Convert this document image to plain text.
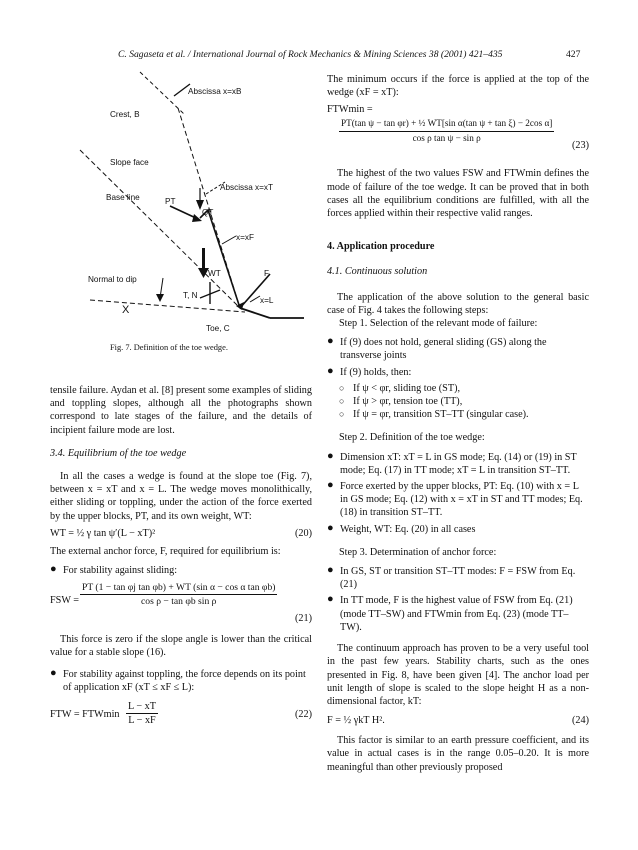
C. Sagaseta et al. / International Journal of Rock Mechanics & Mining Sciences 38 (2001) 421–435	427
Abscissa x=xB
Crest, B
Slope face
Abscissa x=xT
Base line	PT
QT
x=xF
WT	F
Normal to dip
T, N
x=L
X
Toe, C
Fig. 7. Definition of the toe wedge.

tensile failure. Aydan et al. [8] present some examples of sliding and toppling slopes, although all the photographs shown correspond to late stages of the failure, and the details of incipient failure mode are lost.

3.4. Equilibrium of the toe wedge

In all the cases a wedge is found at the slope toe (Fig. 7), between x = xT and x = L. The wedge moves monolithically, either sliding or toppling, under the action of the force exerted by the upper blocks, PT, and its own weight, WT:

WT = ½ γ tan ψ′(L − xT)²	(20)

The external anchor force, F, required for equilibrium is:

● For stability against sliding:
FSW = $\frac{\text{PT (1 − tan φj tan φb) + WT (sin α − cos α tan φb)}}{\text{cos ρ − tan φb sin ρ}}$
(21)

This force is zero if the slope angle is lower than the critical value for a stable slope (16).

● For stability against toppling, the force depends on its point of application xF (xT ≤ xF ≤ L):
FTW = FTWmin $\frac{L - xT}{L - xF}$	(22)

The minimum occurs if the force is applied at the top of the wedge (xF = xT):

FTWmin =
$\frac{\text{PT(tan ψ − tan φr) + ½ WT[sin α(tan ψ + tan ξ) − 2cos α]}}{\text{cos ρ tan ψ − sin ρ}}$
(23)

The highest of the two values FSW and FTWmin defines the mode of failure of the toe wedge. It can be proved that in both cases all the equilibrium conditions are fulfilled, with all the forces applied within their respective valid ranges.

4. Application procedure

4.1. Continuous solution

The application of the above solution to the general basic case of Fig. 4 takes the following steps:

Step 1. Selection of the relevant mode of failure:

● If (9) does not hold, general sliding (GS) along the transverse joints
● If (9) holds, then:
○ If ψ < φr, sliding toe (ST),
○ If ψ > φr, tension toe (TT),
○ If ψ = φr, transition ST–TT (singular case).

Step 2. Definition of the toe wedge:

● Dimension xT: xT = L in GS mode; Eq. (14) or (19) in ST mode; Eq. (17) in TT mode; xT = L in transition ST–TT.
● Force exerted by the upper blocks, PT: Eq. (10) with x = L in GS mode; Eq. (12) with x = xT in ST and TT modes; Eq. (18) in transition ST–TT.
● Weight, WT: Eq. (20) in all cases

Step 3. Determination of anchor force:

● In GS, ST or transition ST–TT modes: F = FSW from Eq. (21)
● In TT mode, F is the highest value of FSW from Eq. (21) (mode TT–SW) and FTWmin from Eq. (23) (mode TT–TW).

The continuum approach has proven to be a very useful tool in the past few years. Stability charts, such as the ones presented in Fig. 8, have been given [4]. The anchor load per unit length of slope is scaled to the slope height H as a non-dimensional factor, kT:

F = ½ γkT H².	(24)

This factor is similar to an earth pressure coefficient, and its value in actual cases is in the range 0.05–0.20. It is more meaningful than other previously proposed
